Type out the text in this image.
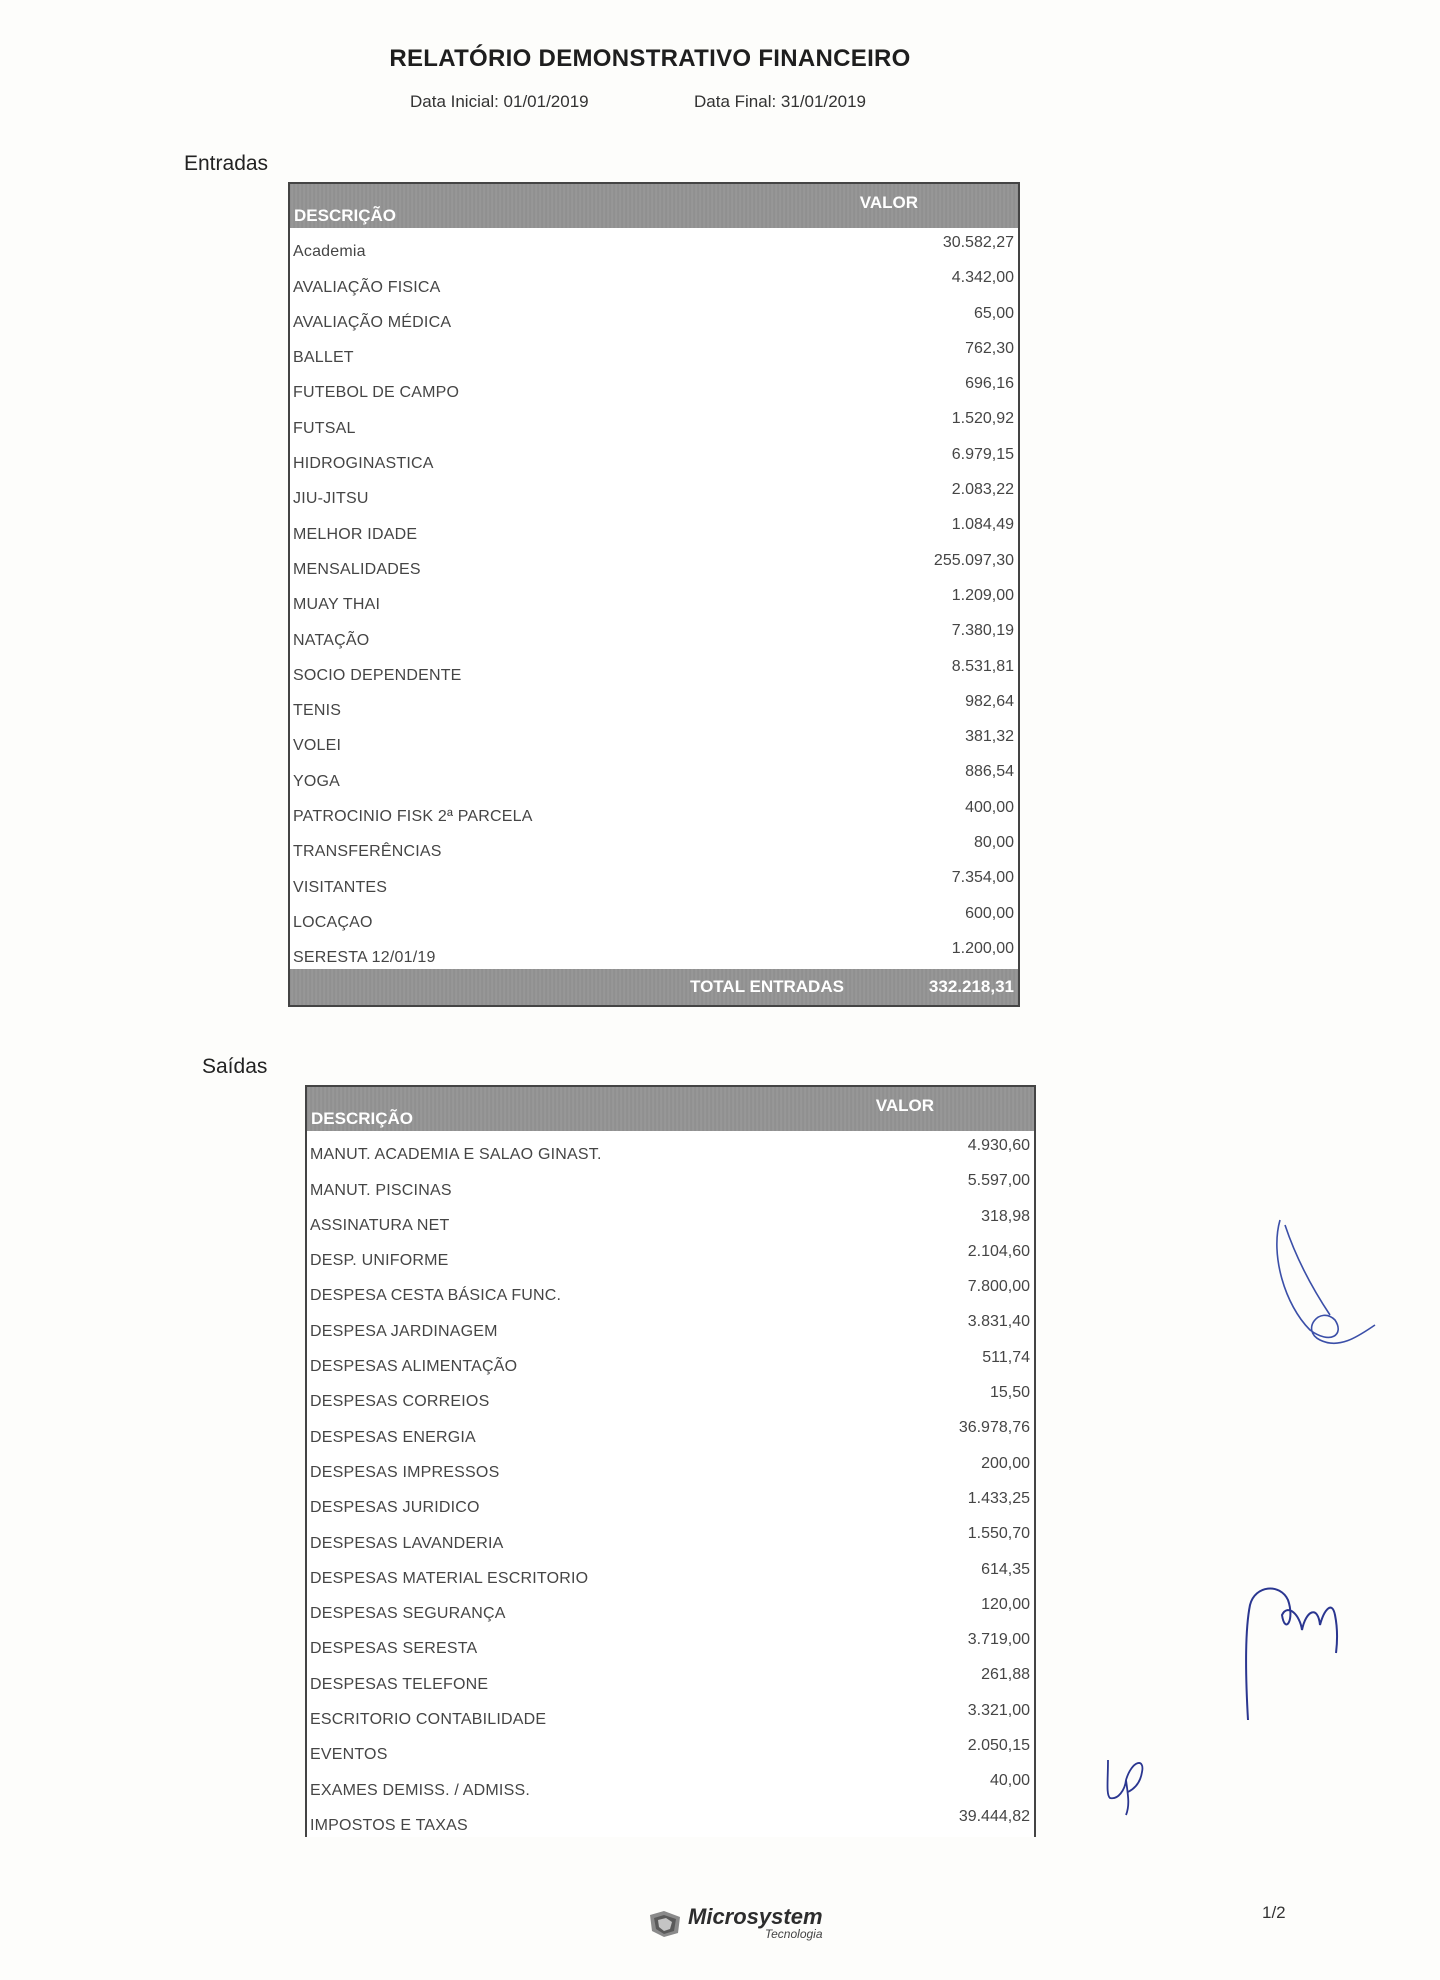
RELATÓRIO DEMONSTRATIVO FINANCEIRO
Data Inicial: 01/01/2019	Data Final: 31/01/2019
Entradas
DESCRIÇÃO
VALOR
Academia
30.582,27
AVALIAÇÃO FISICA
4.342,00
AVALIAÇÃO MÉDICA
65,00
BALLET
762,30
FUTEBOL DE CAMPO
696,16
FUTSAL
1.520,92
HIDROGINASTICA
6.979,15
JIU-JITSU
2.083,22
MELHOR IDADE
1.084,49
MENSALIDADES
255.097,30
MUAY THAI
1.209,00
NATAÇÃO
7.380,19
SOCIO DEPENDENTE
8.531,81
TENIS
982,64
VOLEI
381,32
YOGA
886,54
PATROCINIO FISK 2ª PARCELA
400,00
TRANSFERÊNCIAS
80,00
VISITANTES
7.354,00
LOCAÇAO
600,00
SERESTA 12/01/19
1.200,00
TOTAL ENTRADAS	332.218,31
Saídas
DESCRIÇÃO
VALOR
MANUT. ACADEMIA E SALAO GINAST.
4.930,60
MANUT. PISCINAS
5.597,00
ASSINATURA NET
318,98
DESP. UNIFORME
2.104,60
DESPESA CESTA BÁSICA FUNC.
7.800,00
DESPESA JARDINAGEM
3.831,40
DESPESAS ALIMENTAÇÃO
511,74
DESPESAS CORREIOS
15,50
DESPESAS ENERGIA
36.978,76
DESPESAS IMPRESSOS
200,00
DESPESAS JURIDICO
1.433,25
DESPESAS LAVANDERIA
1.550,70
DESPESAS MATERIAL ESCRITORIO
614,35
DESPESAS SEGURANÇA
120,00
DESPESAS SERESTA
3.719,00
DESPESAS TELEFONE
261,88
ESCRITORIO CONTABILIDADE
3.321,00
EVENTOS
2.050,15
EXAMES DEMISS. / ADMISS.
40,00
IMPOSTOS E TAXAS
39.444,82
Microsystem
Tecnologia
1/2
